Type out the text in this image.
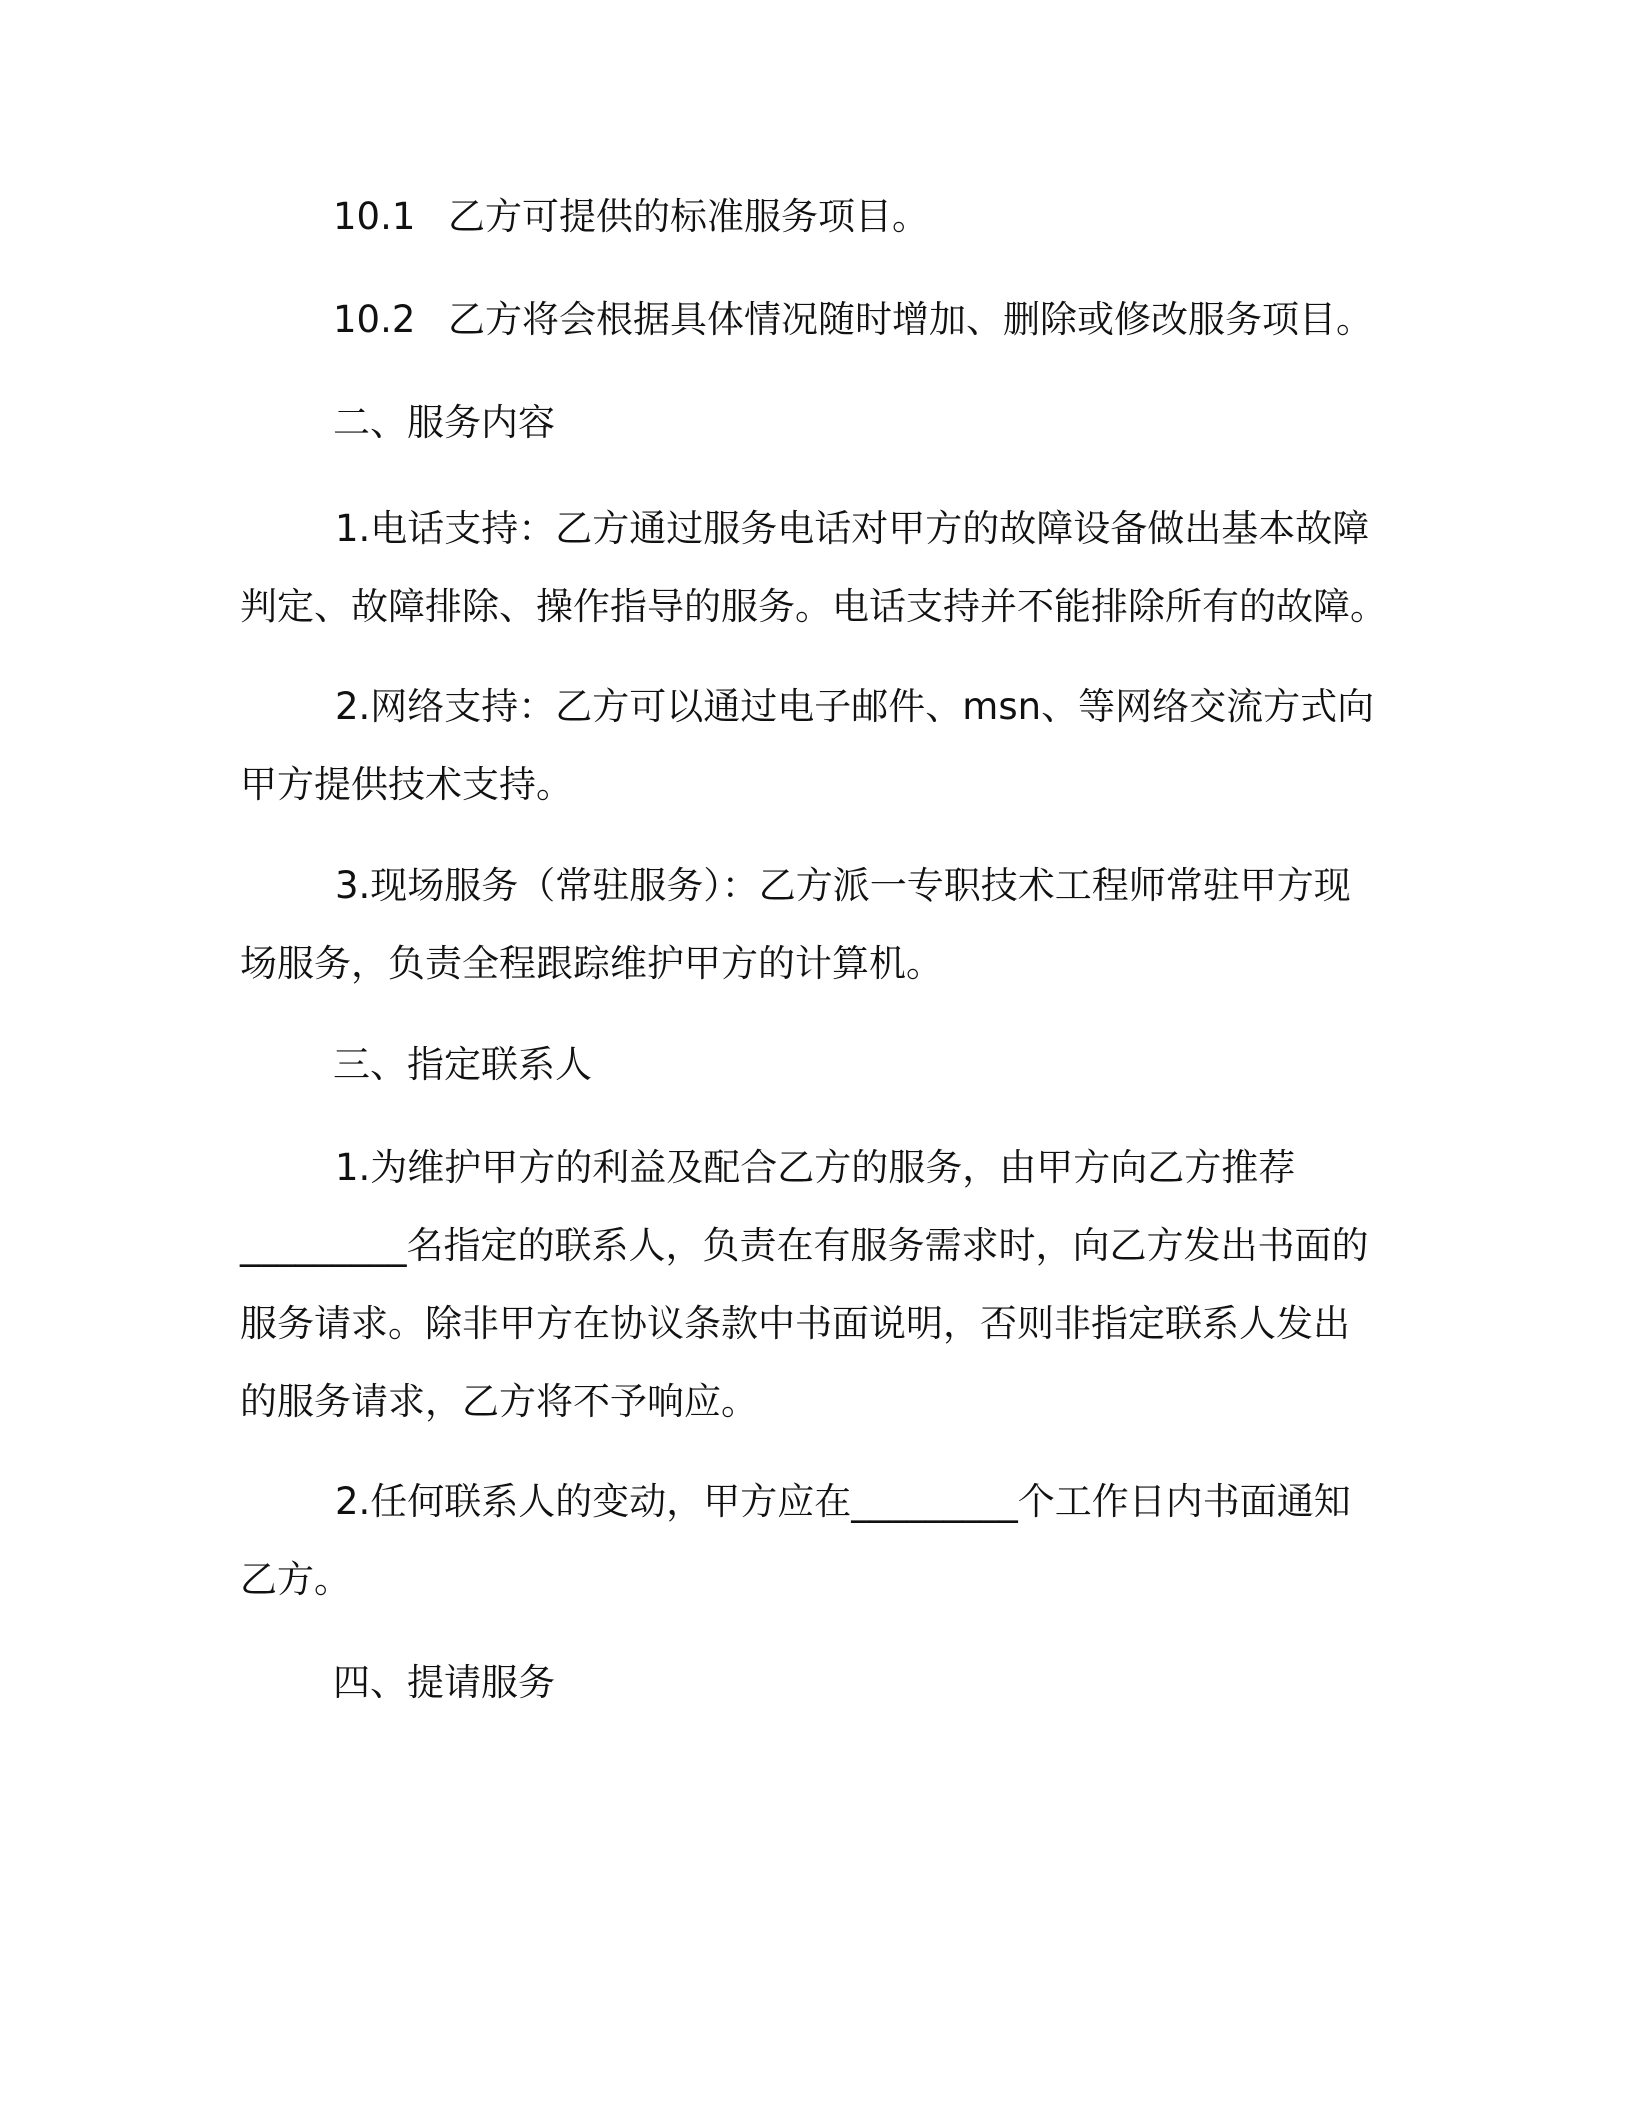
10.1 乙方可提供的标准服务项目。

10.2 乙方将会根据具体情况随时增加、删除或修改服务项目。

二、服务内容

1.电话支持：乙方通过服务电话对甲方的故障设备做出基本故障
判定、故障排除、操作指导的服务。电话支持并不能排除所有的故障。
2.网络支持：乙方可以通过电子邮件、msn、等网络交流方式向
甲方提供技术支持。
3.现场服务（常驻服务）：乙方派一专职技术工程师常驻甲方现
场服务，负责全程跟踪维护甲方的计算机。

三、指定联系人

1.为维护甲方的利益及配合乙方的服务，由甲方向乙方推荐
_________名指定的联系人，负责在有服务需求时，向乙方发出书面的
服务请求。除非甲方在协议条款中书面说明，否则非指定联系人发出
的服务请求，乙方将不予响应。
2.任何联系人的变动，甲方应在_________个工作日内书面通知
乙方。

四、提请服务
